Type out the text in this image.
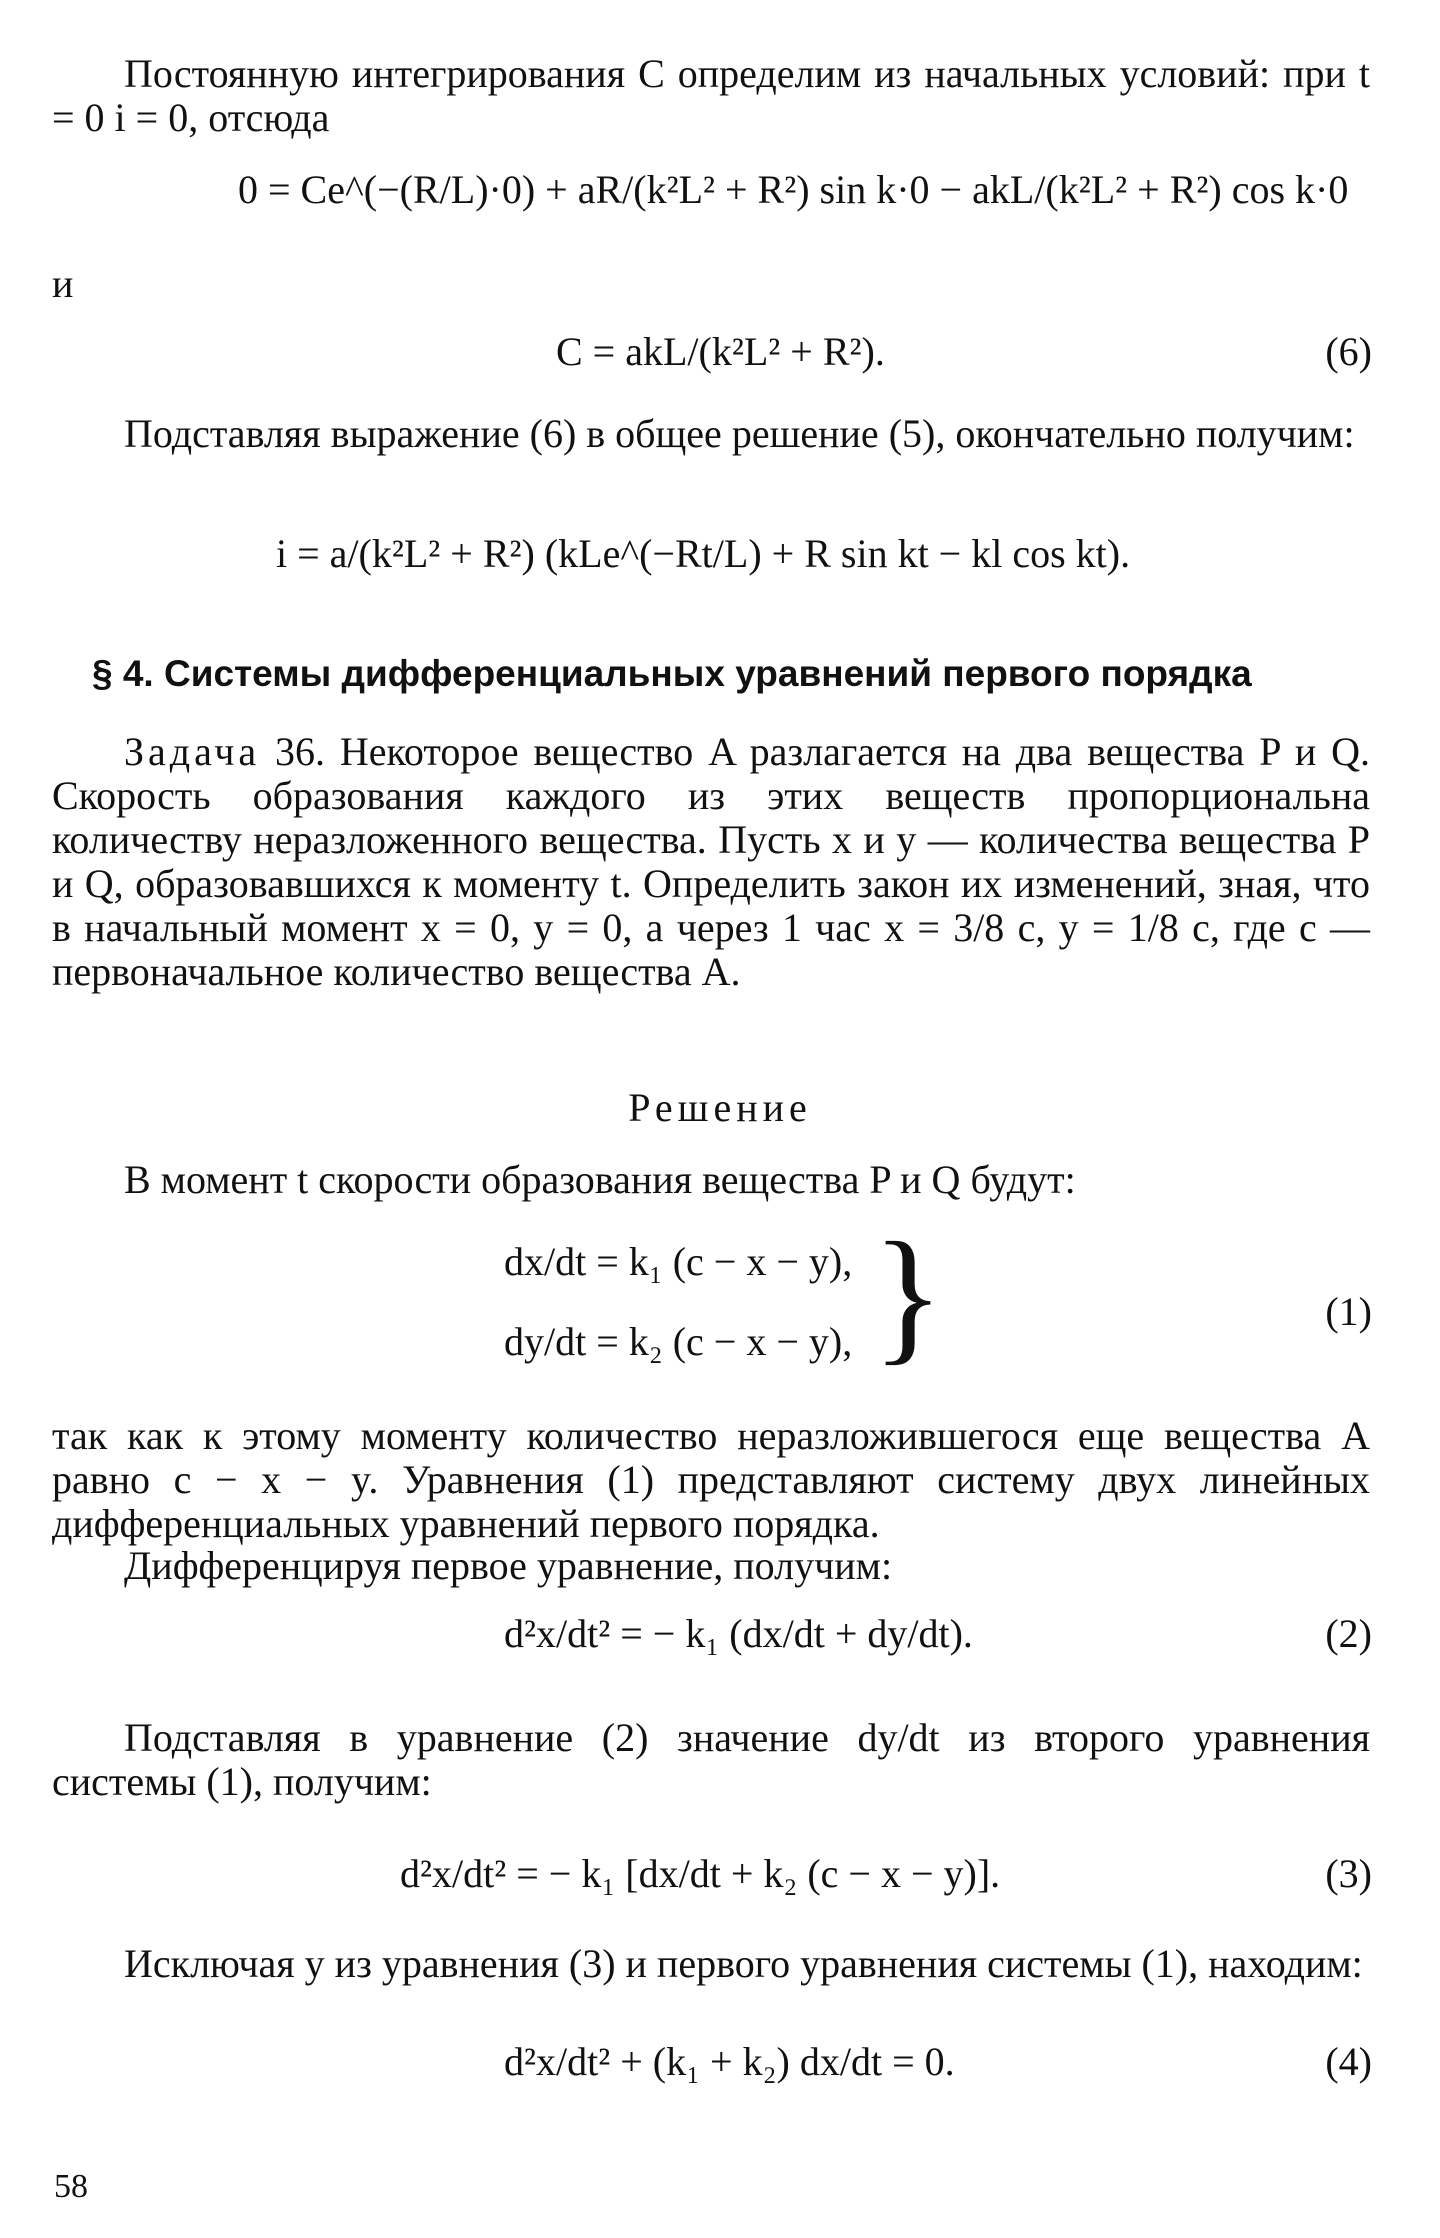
Постоянную интегрирования C определим из начальных условий: при t = 0 i = 0, отсюда

0 = Ce^(−(R/L)·0) + aR/(k²L² + R²) sin k·0 − akL/(k²L² + R²) cos k·0
и
C = akL/(k²L² + R²).	(6)

Подставляя выражение (6) в общее решение (5), окончательно получим:

i = a/(k²L² + R²) (kLe^(−Rt/L) + R sin kt − kl cos kt).
§ 4. Системы дифференциальных уравнений первого порядка

Задача 36. Некоторое вещество A разлагается на два вещества P и Q. Скорость образования каждого из этих веществ пропорциональна количеству неразложенного вещества. Пусть x и y — количества вещества P и Q, образовавшихся к моменту t. Определить закон их изменений, зная, что в начальный момент x = 0, y = 0, а через 1 час x = 3/8 c, y = 1/8 c, где c — первоначальное количество вещества A.

Решение

В момент t скорости образования вещества P и Q будут:

dx/dt = k₁ (c − x − y),
dy/dt = k₂ (c − x − y), }	(1)

так как к этому моменту количество неразложившегося еще вещества A равно c − x − y. Уравнения (1) представляют систему двух линейных дифференциальных уравнений первого порядка.

Дифференцируя первое уравнение, получим:

d²x/dt² = − k₁ (dx/dt + dy/dt).	(2)

Подставляя в уравнение (2) значение dy/dt из второго уравнения системы (1), получим:

d²x/dt² = − k₁ [dx/dt + k₂ (c − x − y)].	(3)

Исключая y из уравнения (3) и первого уравнения системы (1), находим:

d²x/dt² + (k₁ + k₂) dx/dt = 0.	(4)
58
